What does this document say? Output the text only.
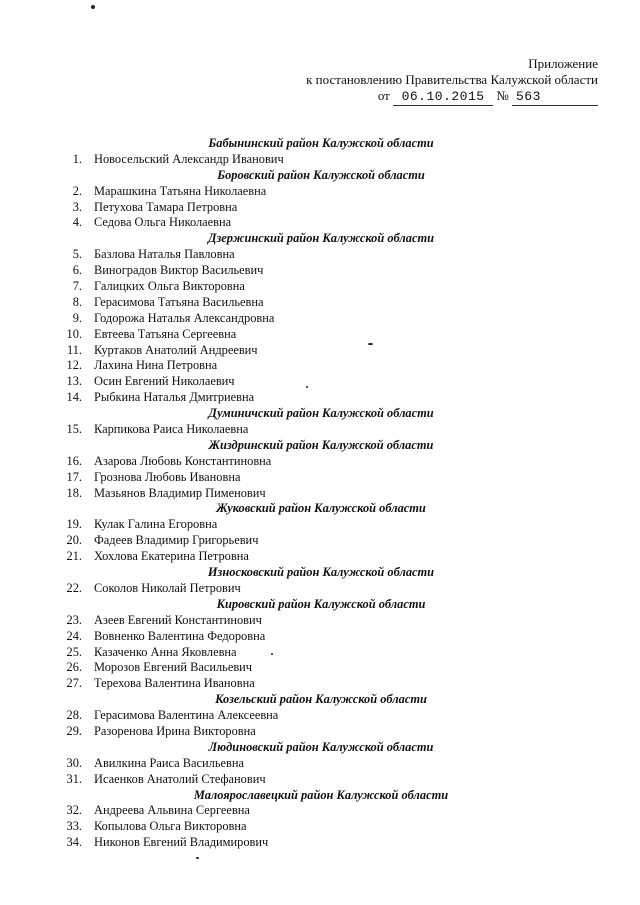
Приложение
к постановлению Правительства Калужской области
от 06.10.2015 № 563
Бабынинский район Калужской области
1. Новосельский Александр Иванович
Боровский район Калужской области
2. Марашкина Татьяна Николаевна
3. Петухова Тамара Петровна
4. Седова Ольга Николаевна
Дзержинский район Калужской области
5. Базлова Наталья Павловна
6. Виноградов Виктор Васильевич
7. Галицких Ольга Викторовна
8. Герасимова Татьяна Васильевна
9. Годорожа Наталья Александровна
10. Евтеева Татьяна Сергеевна
11. Куртаков Анатолий Андреевич
12. Лахина Нина Петровна
13. Осин Евгений Николаевич
14. Рыбкина Наталья Дмитриевна
Думиничский район Калужской области
15. Карпикова Раиса Николаевна
Жиздринский район Калужской области
16. Азарова Любовь Константиновна
17. Грознова Любовь Ивановна
18. Мазьянов Владимир Пименович
Жуковский район Калужской области
19. Кулак Галина Егоровна
20. Фадеев Владимир Григорьевич
21. Хохлова Екатерина Петровна
Износковский район Калужской области
22. Соколов Николай Петрович
Кировский район Калужской области
23. Азеев Евгений Константинович
24. Вовненко Валентина Федоровна
25. Казаченко Анна Яковлевна
26. Морозов Евгений Васильевич
27. Терехова Валентина Ивановна
Козельский район Калужской области
28. Герасимова Валентина Алексеевна
29. Разоренова Ирина Викторовна
Людиновский район Калужской области
30. Авилкина Раиса Васильевна
31. Исаенков Анатолий Стефанович
Малоярославецкий район Калужской области
32. Андреева Альвина Сергеевна
33. Копылова Ольга Викторовна
34. Никонов Евгений Владимирович
